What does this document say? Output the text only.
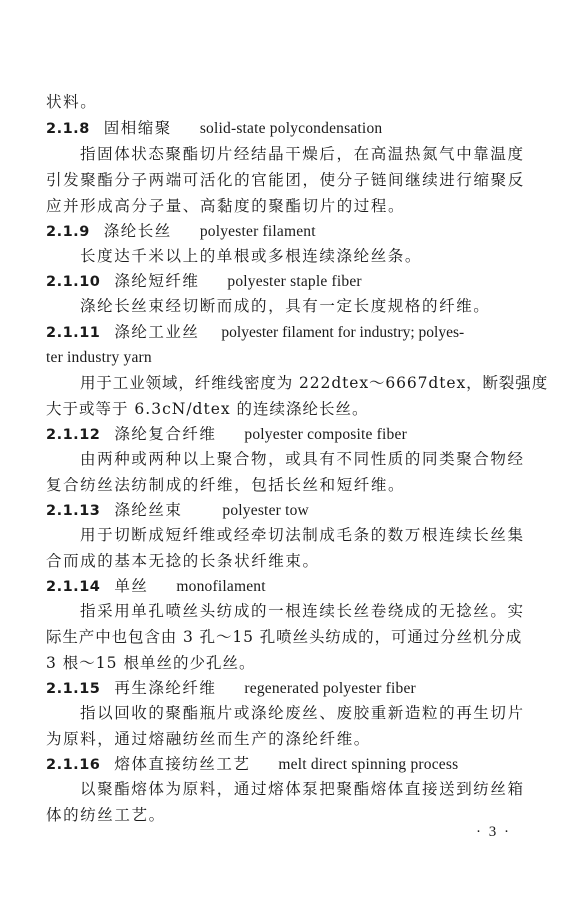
状料。
2.1.8 固相缩聚 solid-state polycondensation
指固体状态聚酯切片经结晶干燥后，在高温热氮气中靠温度
引发聚酯分子两端可活化的官能团，使分子链间继续进行缩聚反
应并形成高分子量、高黏度的聚酯切片的过程。
2.1.9 涤纶长丝 polyester filament
长度达千米以上的单根或多根连续涤纶丝条。
2.1.10 涤纶短纤维 polyester staple fiber
涤纶长丝束经切断而成的，具有一定长度规格的纤维。
2.1.11 涤纶工业丝 polyester filament for industry; polyes-
ter industry yarn
用于工业领域，纤维线密度为 222dtex～6667dtex，断裂强度
大于或等于 6.3cN/dtex 的连续涤纶长丝。
2.1.12 涤纶复合纤维 polyester composite fiber
由两种或两种以上聚合物，或具有不同性质的同类聚合物经
复合纺丝法纺制成的纤维，包括长丝和短纤维。
2.1.13 涤纶丝束	polyester tow
用于切断成短纤维或经牵切法制成毛条的数万根连续长丝集
合而成的基本无捻的长条状纤维束。
2.1.14 单丝 monofilament
指采用单孔喷丝头纺成的一根连续长丝卷绕成的无捻丝。实
际生产中也包含由 3 孔～15 孔喷丝头纺成的，可通过分丝机分成
3 根～15 根单丝的少孔丝。
2.1.15 再生涤纶纤维 regenerated polyester fiber
指以回收的聚酯瓶片或涤纶废丝、废胶重新造粒的再生切片
为原料，通过熔融纺丝而生产的涤纶纤维。
2.1.16 熔体直接纺丝工艺 melt direct spinning process
以聚酯熔体为原料，通过熔体泵把聚酯熔体直接送到纺丝箱
体的纺丝工艺。
· 3 ·
